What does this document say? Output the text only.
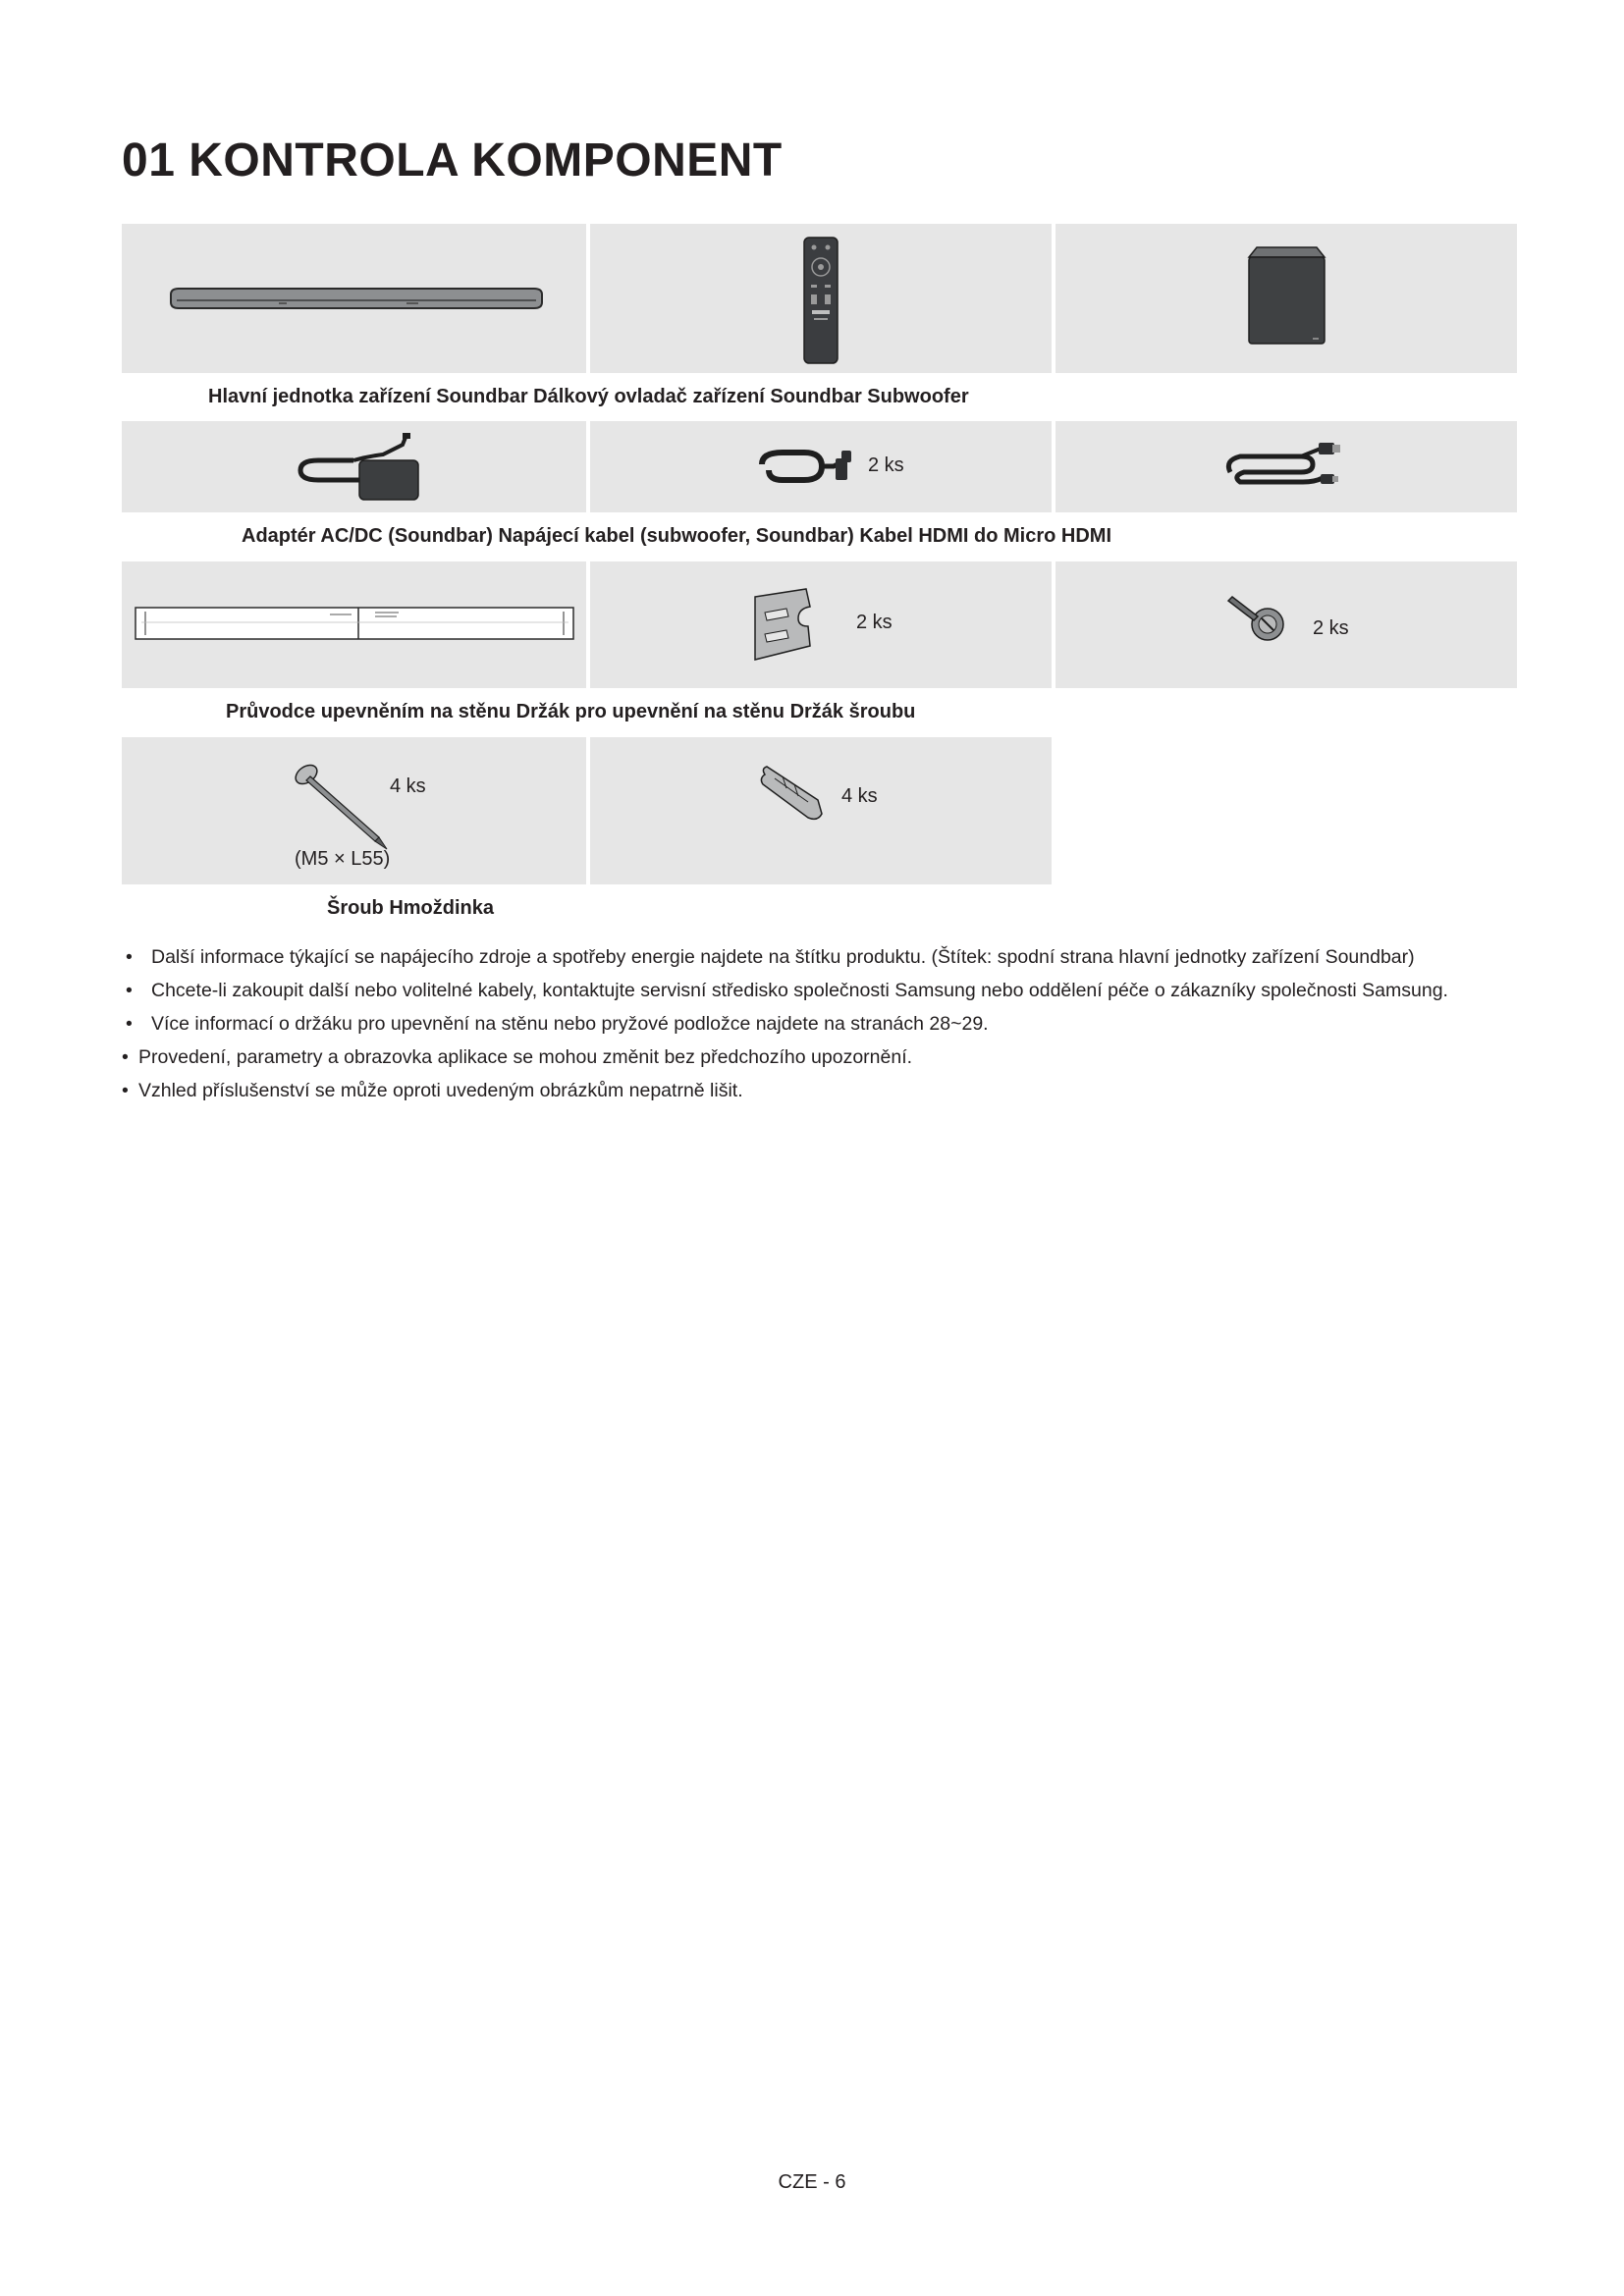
01 KONTROLA KOMPONENT
Hlavní jednotka zařízení Soundbar Dálkový ovladač zařízení Soundbar Subwoofer
2 ks
Adaptér AC/DC (Soundbar) Napájecí kabel (subwoofer, Soundbar) Kabel HDMI do Micro HDMI
2 ks	2 ks
Průvodce upevněním na stěnu Držák pro upevnění na stěnu Držák šroubu
4 ks
(M5 × L55)
4 ks
Šroub Hmoždinka
• Další informace týkající se napájecího zdroje a spotřeby energie najdete na štítku produktu. (Štítek: spodní strana hlavní jednotky zařízení Soundbar)
• Chcete-li zakoupit další nebo volitelné kabely, kontaktujte servisní středisko společnosti Samsung nebo oddělení péče o zákazníky společnosti Samsung.
• Více informací o držáku pro upevnění na stěnu nebo pryžové podložce najdete na stranách 28~29.
• Provedení, parametry a obrazovka aplikace se mohou změnit bez předchozího upozornění.
• Vzhled příslušenství se může oproti uvedeným obrázkům nepatrně lišit.
CZE - 6
